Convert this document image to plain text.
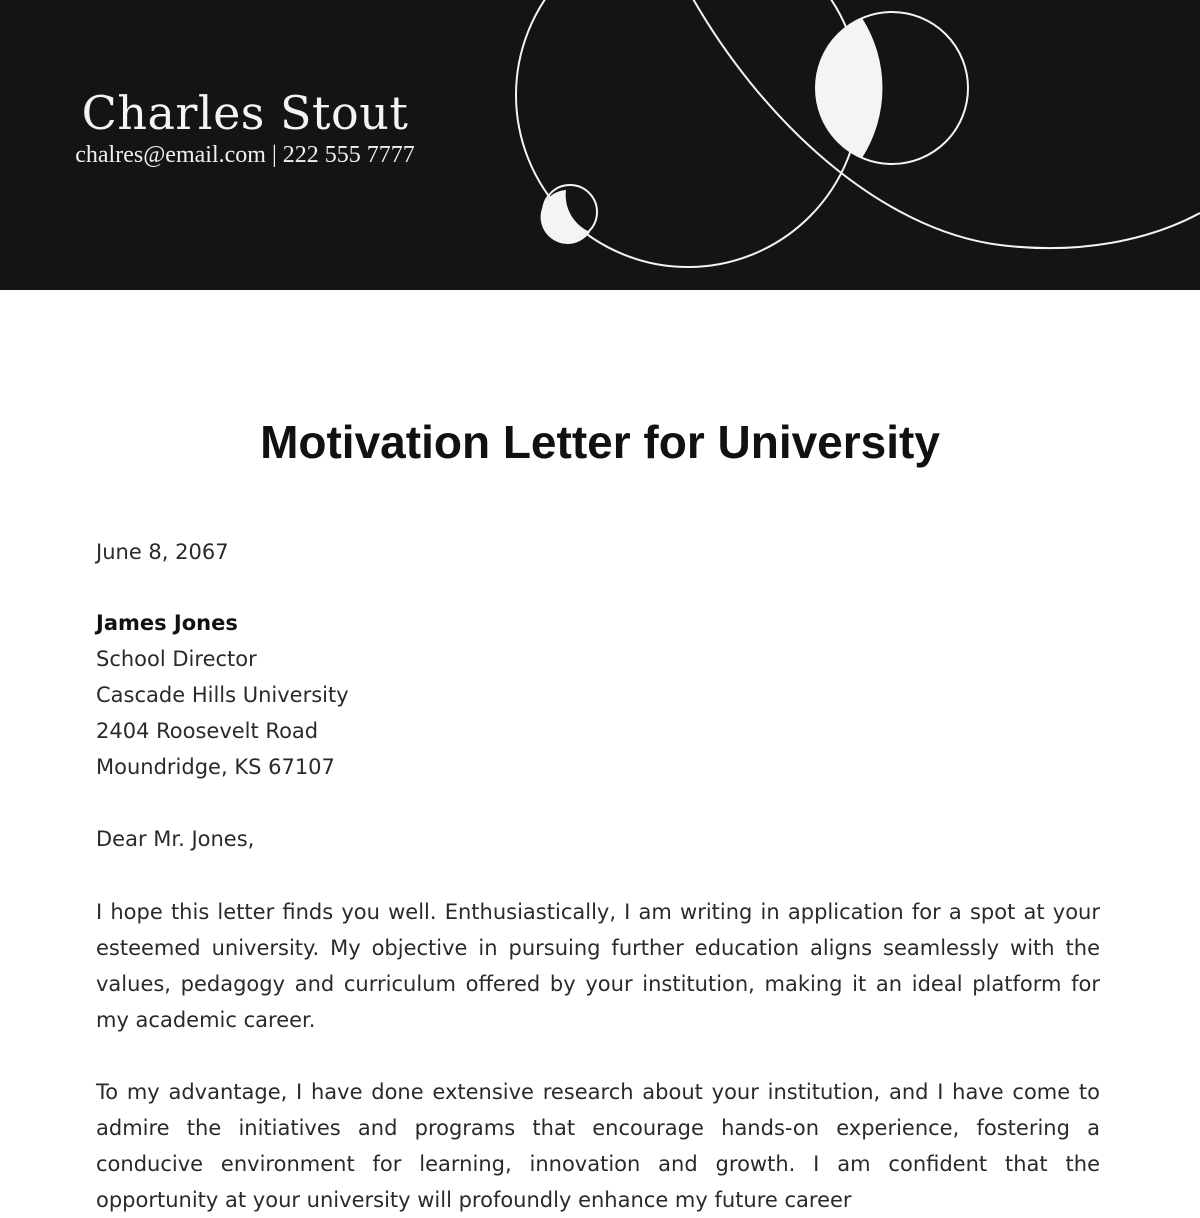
Charles Stout
chalres@email.com | 222 555 7777
Motivation Letter for University
June 8, 2067
James Jones
School Director
Cascade Hills University
2404 Roosevelt Road
Moundridge, KS 67107
Dear Mr. Jones,
I hope this letter finds you well. Enthusiastically, I am writing in application for a spot at your esteemed university. My objective in pursuing further education aligns seamlessly with the values, pedagogy and curriculum offered by your institution, making it an ideal platform for my academic career.
To my advantage, I have done extensive research about your institution, and I have come to admire the initiatives and programs that encourage hands-on experience, fostering a conducive environment for learning, innovation and growth. I am confident that the opportunity at your university will profoundly enhance my future career
